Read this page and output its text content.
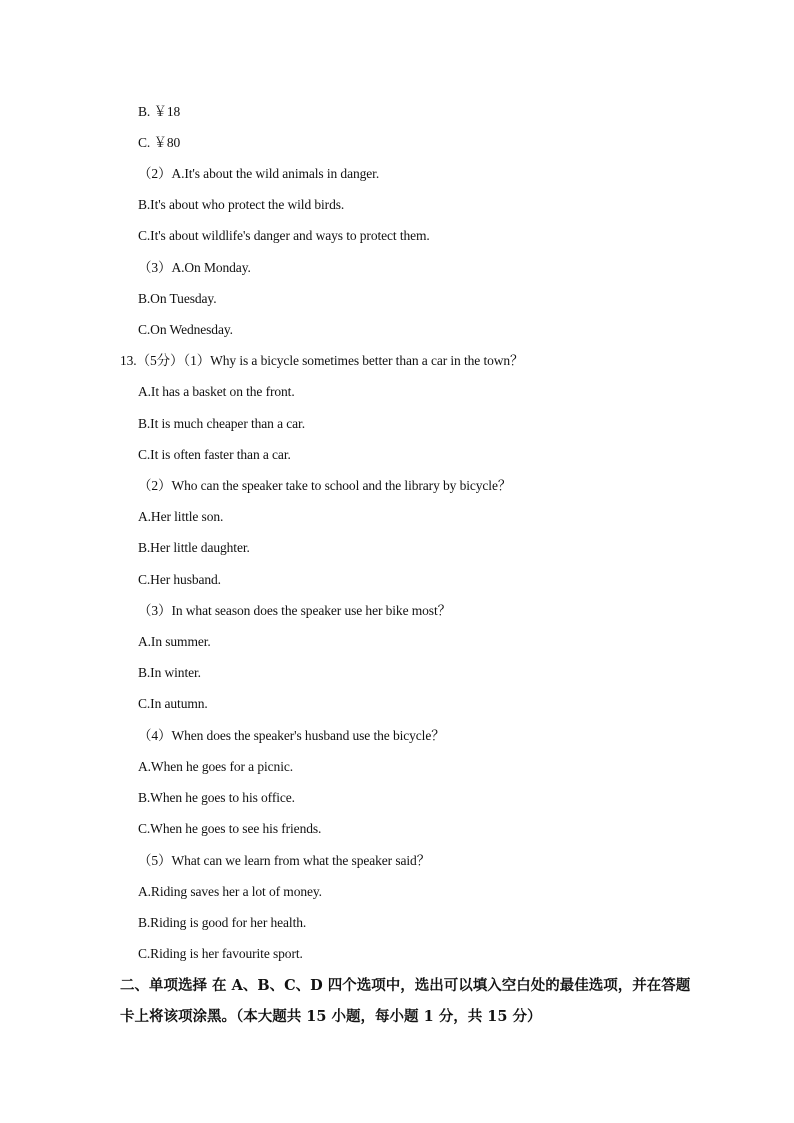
B. ￥18
C. ￥80
（2）A.It's about the wild animals in danger.
B.It's about who protect the wild birds.
C.It's about wildlife's danger and ways to protect them.
（3）A.On Monday.
B.On Tuesday.
C.On Wednesday.
13.（5分）（1）Why is a bicycle sometimes better than a car in the town？
A.It has a basket on the front.
B.It is much cheaper than a car.
C.It is often faster than a car.
（2）Who can the speaker take to school and the library by bicycle？
A.Her little son.
B.Her little daughter.
C.Her husband.
（3）In what season does the speaker use her bike most？
A.In summer.
B.In winter.
C.In autumn.
（4）When does the speaker's husband use the bicycle？
A.When he goes for a picnic.
B.When he goes to his office.
C.When he goes to see his friends.
（5）What can we learn from what the speaker said？
A.Riding saves her a lot of money.
B.Riding is good for her health.
C.Riding is her favourite sport.
二、单项选择 在 A、B、C、D 四个选项中，选出可以填入空白处的最佳选项，并在答题
卡上将该项涂黑。（本大题共 15 小题，每小题 1 分，共 15 分）
